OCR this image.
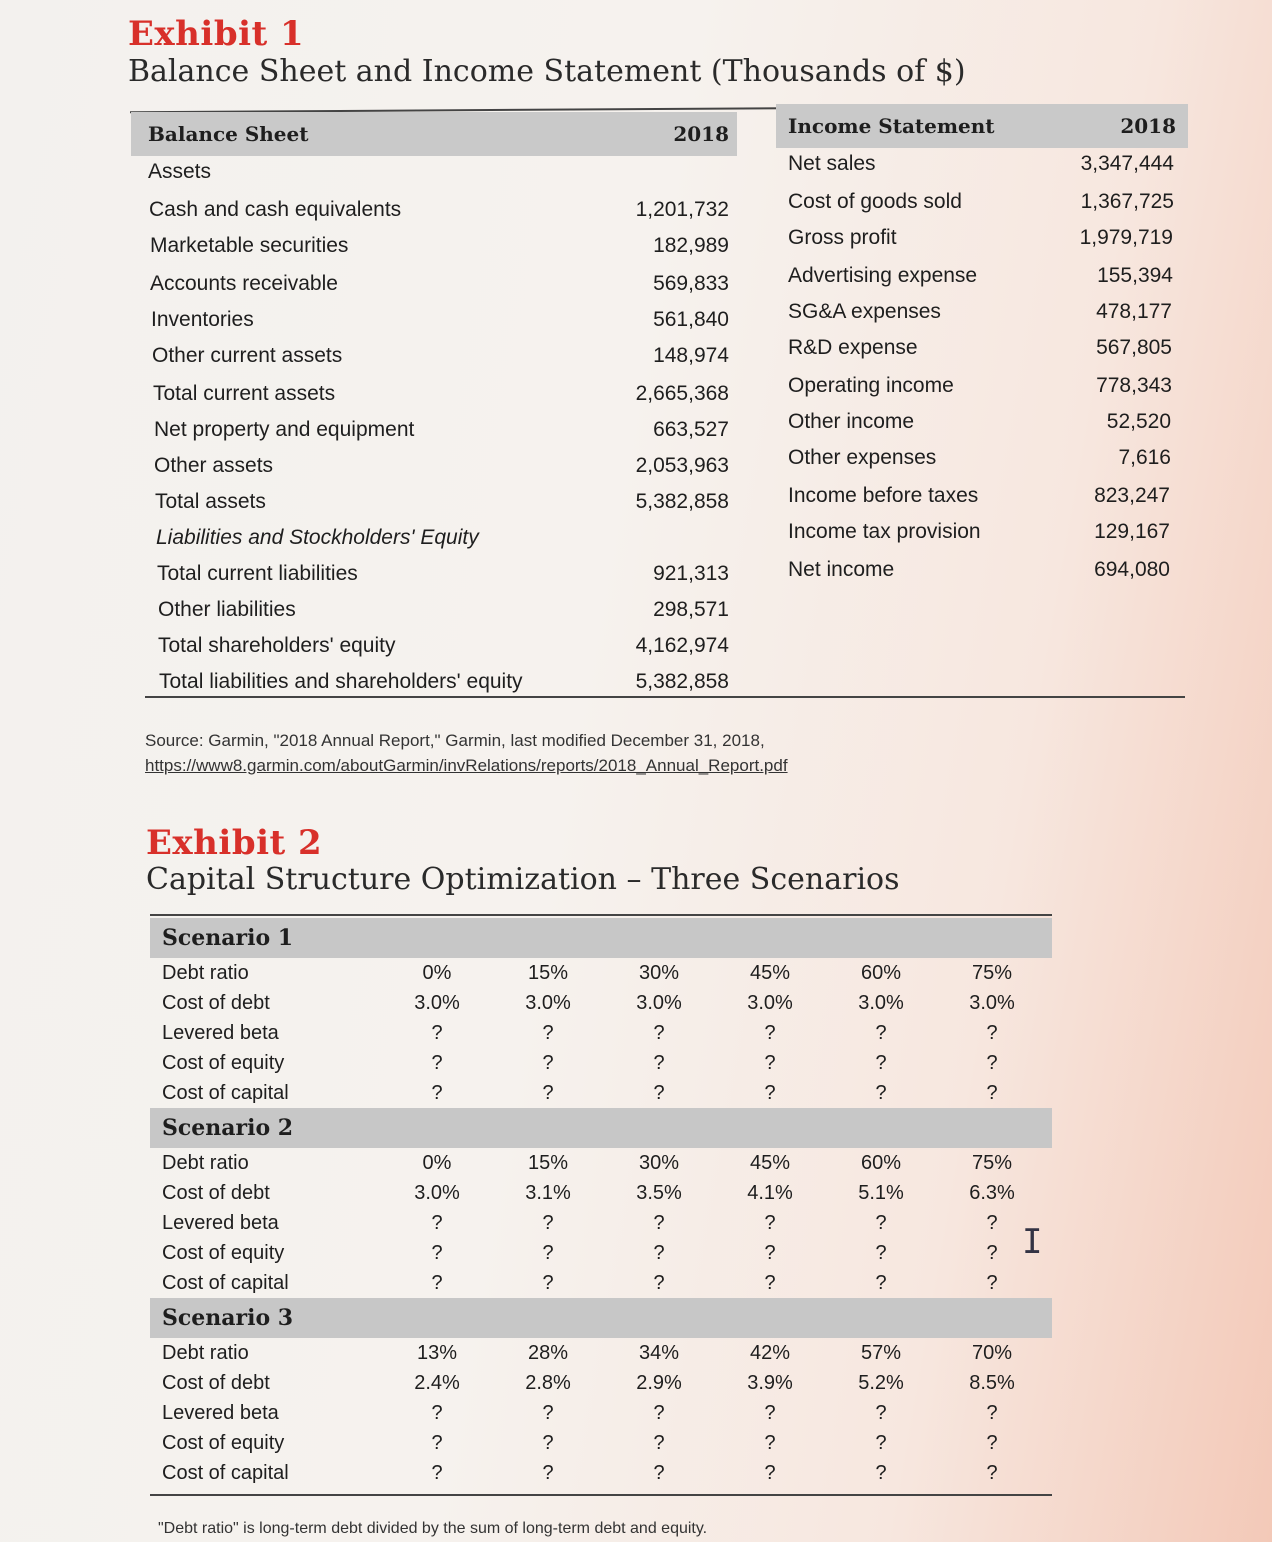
Exhibit 1
Balance Sheet and Income Statement (Thousands of $)
Balance Sheet	2018
Assets
Cash and cash equivalents	1,201,732
Marketable securities	182,989
Accounts receivable	569,833
Inventories	561,840
Other current assets	148,974
Total current assets	2,665,368
Net property and equipment	663,527
Other assets	2,053,963
Total assets	5,382,858
Liabilities and Stockholders' Equity
Total current liabilities	921,313
Other liabilities	298,571
Total shareholders' equity	4,162,974
Total liabilities and shareholders' equity	5,382,858
Income Statement	2018
Net sales	3,347,444
Cost of goods sold	1,367,725
Gross profit	1,979,719
Advertising expense	155,394
SG&A expenses	478,177
R&D expense	567,805
Operating income	778,343
Other income	52,520
Other expenses	7,616
Income before taxes	823,247
Income tax provision	129,167
Net income	694,080
Source: Garmin, "2018 Annual Report," Garmin, last modified December 31, 2018,
https://www8.garmin.com/aboutGarmin/invRelations/reports/2018_Annual_Report.pdf
Exhibit 2
Capital Structure Optimization – Three Scenarios
Scenario 1
Debt ratio	0%	15%	30%	45%	60%	75%
Cost of debt	3.0%	3.0%	3.0%	3.0%	3.0%	3.0%
Levered beta	?	?	?	?	?	?
Cost of equity	?	?	?	?	?	?
Cost of capital	?	?	?	?	?	?
Scenario 2
Debt ratio	0%	15%	30%	45%	60%	75%
Cost of debt	3.0%	3.1%	3.5%	4.1%	5.1%	6.3%
Levered beta	?	?	?	?	?	?
Cost of equity	?	?	?	?	?	?
Cost of capital	?	?	?	?	?	?
Scenario 3
Debt ratio	13%	28%	34%	42%	57%	70%
Cost of debt	2.4%	2.8%	2.9%	3.9%	5.2%	8.5%
Levered beta	?	?	?	?	?	?
Cost of equity	?	?	?	?	?	?
Cost of capital	?	?	?	?	?	?
"Debt ratio" is long-term debt divided by the sum of long-term debt and equity.
I
